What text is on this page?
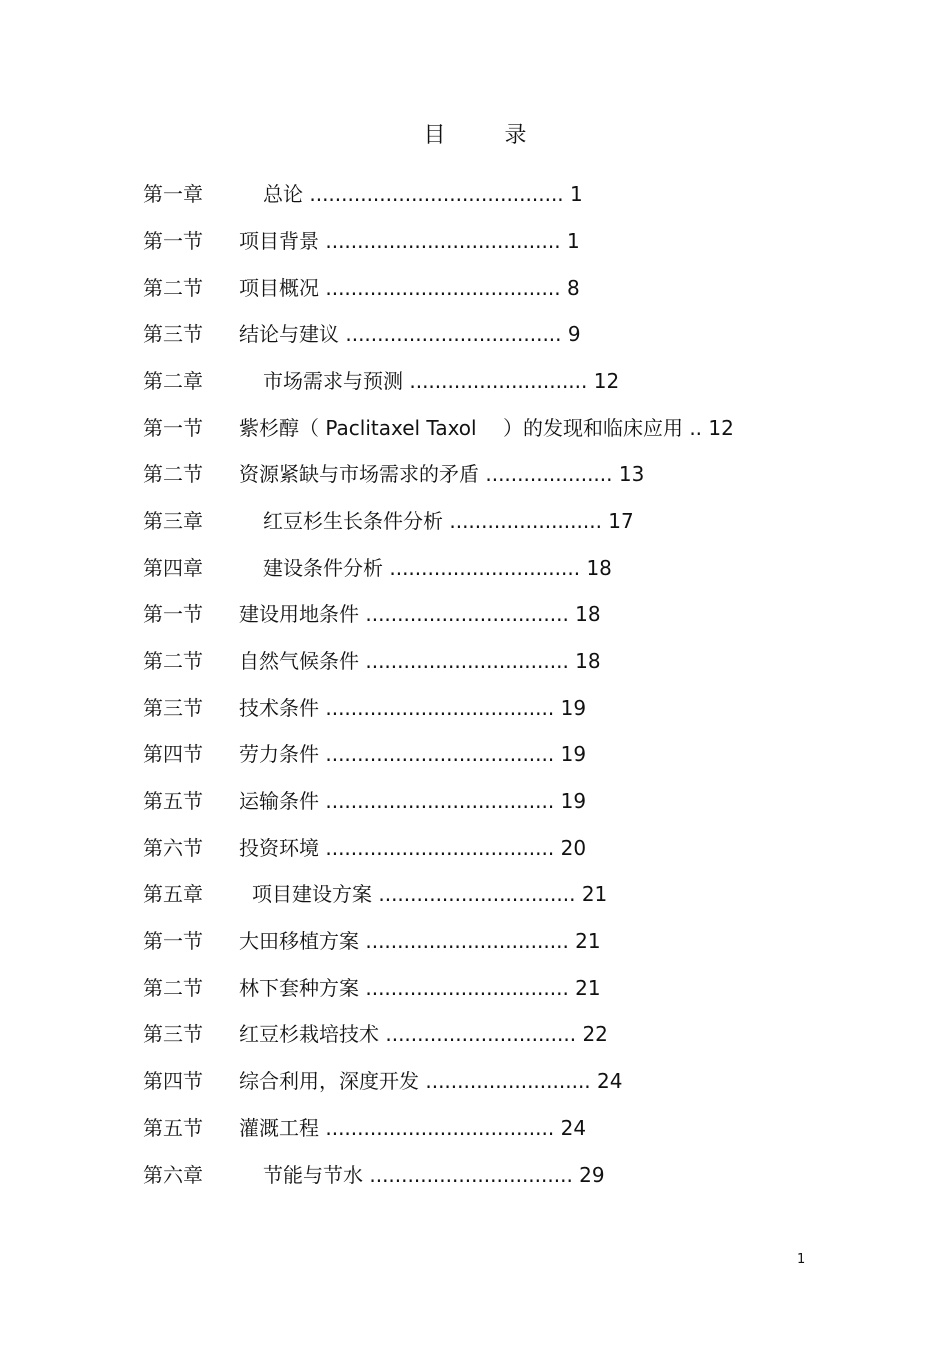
目 录
第一章	总论 ........................................ 1
第一节 项目背景 ..................................... 1
第二节 项目概况 ..................................... 8
第三节 结论与建议 .................................. 9
第二章	市场需求与预测 ............................ 12
第一节 紫杉醇（ Paclitaxel Taxol　 ）的发现和临床应用 .. 12
第二节 资源紧缺与市场需求的矛盾 .................... 13
第三章	红豆杉生长条件分析 ........................ 17
第四章	建设条件分析 .............................. 18
第一节 建设用地条件 ................................ 18
第二节 自然气候条件 ................................ 18
第三节 技术条件 .................................... 19
第四节 劳力条件 .................................... 19
第五节 运输条件 .................................... 19
第六节 投资环境 .................................... 20
第五章 项目建设方案 ............................... 21
第一节 大田移植方案 ................................ 21
第二节 林下套种方案 ................................ 21
第三节 红豆杉栽培技术 .............................. 22
第四节 综合利用，深度开发 .......................... 24
第五节 灌溉工程 .................................... 24
第六章	节能与节水 ................................ 29
1
